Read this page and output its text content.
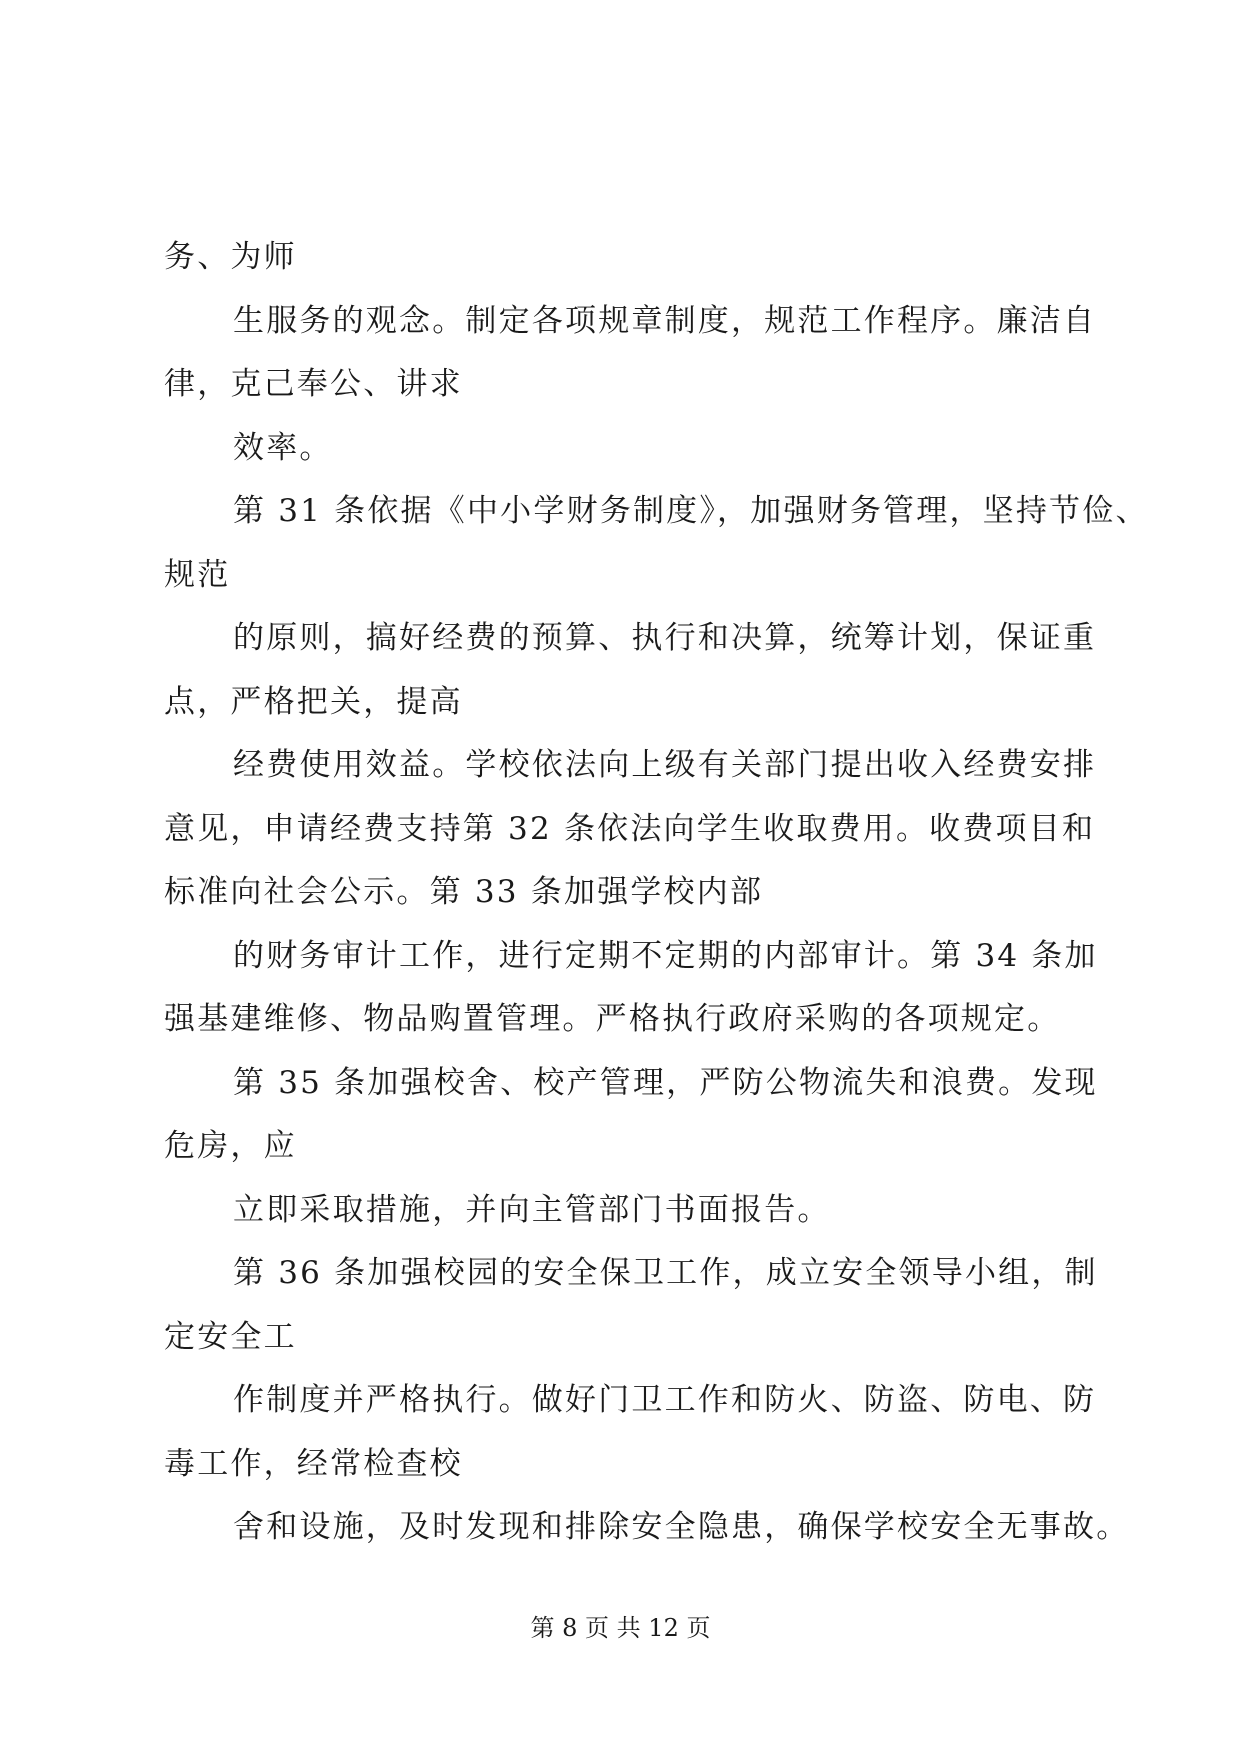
务、为师
生服务的观念。制定各项规章制度，规范工作程序。廉洁自
律，克己奉公、讲求
效率。
第 31 条依据《中小学财务制度》，加强财务管理，坚持节俭、
规范
的原则，搞好经费的预算、执行和决算，统筹计划，保证重
点，严格把关，提高
经费使用效益。学校依法向上级有关部门提出收入经费安排
意见，申请经费支持第 32 条依法向学生收取费用。收费项目和
标准向社会公示。第 33 条加强学校内部
的财务审计工作，进行定期不定期的内部审计。第 34 条加
强基建维修、物品购置管理。严格执行政府采购的各项规定。
第 35 条加强校舍、校产管理，严防公物流失和浪费。发现
危房，应
立即采取措施，并向主管部门书面报告。
第 36 条加强校园的安全保卫工作，成立安全领导小组，制
定安全工
作制度并严格执行。做好门卫工作和防火、防盗、防电、防
毒工作，经常检查校
舍和设施，及时发现和排除安全隐患，确保学校安全无事故。
第 8 页 共 12 页
